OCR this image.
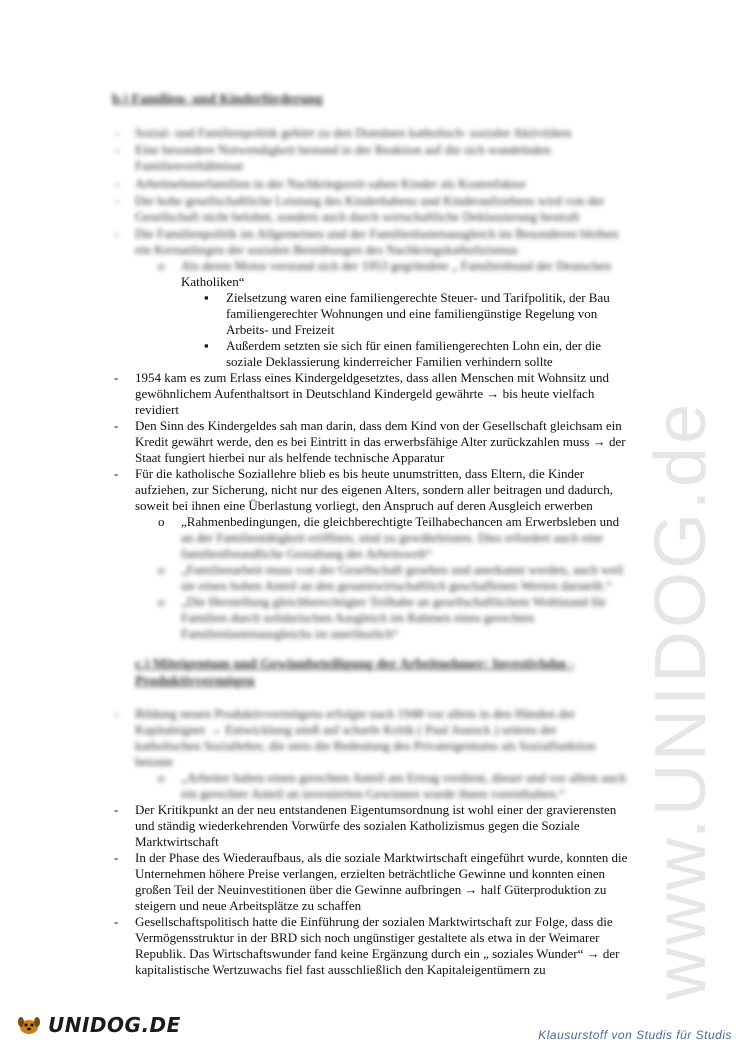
www.UNIDOG.de
b.) Familien- und Kinderförderung
- Sozial- und Familienpolitik gehört zu den Domänen katholisch- sozialer Aktivitäten
- Eine besondere Notwendigkeit bestand in der Reaktion auf die sich wandelnden
Familienverhältnisse
- Arbeitnehmerfamilien in der Nachkriegszeit sahen Kinder als Kostenfaktor
- Die hohe gesellschaftliche Leistung des Kinderhabens und Kinderaufziehens wird von der
Gesellschaft nicht belohnt, sondern auch durch wirtschaftliche Deklassierung bestraft
- Die Familienpolitik im Allgemeinen und der Familienlastenausgleich im Besonderen bleiben
ein Kernanliegen der sozialen Bemühungen des Nachkriegskatholizismus
o Als deren Motor verstand sich der 1953 gegründete „ Familienbund der Deutschen
Katholiken“
▪ Zielsetzung waren eine familiengerechte Steuer- und Tarifpolitik, der Bau
familiengerechter Wohnungen und eine familiengünstige Regelung von
Arbeits- und Freizeit
▪ Außerdem setzten sie sich für einen familiengerechten Lohn ein, der die
soziale Deklassierung kinderreicher Familien verhindern sollte
- 1954 kam es zum Erlass eines Kindergeldgesetztes, dass allen Menschen mit Wohnsitz und
gewöhnlichem Aufenthaltsort in Deutschland Kindergeld gewährte → bis heute vielfach
revidiert
- Den Sinn des Kindergeldes sah man darin, dass dem Kind von der Gesellschaft gleichsam ein
Kredit gewährt werde, den es bei Eintritt in das erwerbsfähige Alter zurückzahlen muss → der
Staat fungiert hierbei nur als helfende technische Apparatur
- Für die katholische Soziallehre blieb es bis heute unumstritten, dass Eltern, die Kinder
aufziehen, zur Sicherung, nicht nur des eigenen Alters, sondern aller beitragen und dadurch,
soweit bei ihnen eine Überlastung vorliegt, den Anspruch auf deren Ausgleich erwerben
o „Rahmenbedingungen, die gleichberechtigte Teilhabechancen am Erwerbsleben und
an der Familientätigkeit eröffnen, sind zu gewährleisten. Dies erfordert auch eine
familienfreundliche Gestaltung der Arbeitswelt“
o „Familienarbeit muss von der Gesellschaft gesehen und anerkannt werden, auch weil
sie einen hohen Anteil an den gesamtwirtschaftlich geschaffenen Werten darstellt.“
o „Die Herstellung gleichberechtigter Teilhabe an gesellschaftlichem Wohlstand für
Familien durch solidarischen Ausgleich im Rahmen eines gerechten
Familienlastenausgleichs ist unerlässlich“
c.) Miteigentum und Gewinnbeteiligung der Arbeitnehmer: Investivlohn -
Produktivvermögen
- Bildung neuen Produktivvermögens erfolgte nach 1948 vor allem in den Händen der
Kapitaleigner → Entwicklung stieß auf scharfe Kritik ( Paul Jostock ) seitens der
katholischen Soziallehre, die stets die Bedeutung des Privateigentums als Sozialfunktion
betonte
o „Arbeiter haben einen gerechten Anteil am Ertrag verdient, dieser und vor allem auch
ein gerechter Anteil an investierten Gewinnen wurde ihnen vorenthalten.“
- Der Kritikpunkt an der neu entstandenen Eigentumsordnung ist wohl einer der gravierensten
und ständig wiederkehrenden Vorwürfe des sozialen Katholizismus gegen die Soziale
Marktwirtschaft
- In der Phase des Wiederaufbaus, als die soziale Marktwirtschaft eingeführt wurde, konnten die
Unternehmen höhere Preise verlangen, erzielten beträchtliche Gewinne und konnten einen
großen Teil der Neuinvestitionen über die Gewinne aufbringen → half Güterproduktion zu
steigern und neue Arbeitsplätze zu schaffen
- Gesellschaftspolitisch hatte die Einführung der sozialen Marktwirtschaft zur Folge, dass die
Vermögensstruktur in der BRD sich noch ungünstiger gestaltete als etwa in der Weimarer
Republik. Das Wirtschaftswunder fand keine Ergänzung durch ein „ soziales Wunder“ → der
kapitalistische Wertzuwachs fiel fast ausschließlich den Kapitaleigentümern zu
UNIDOG.DE	Klausurstoff von Studis für Studis
